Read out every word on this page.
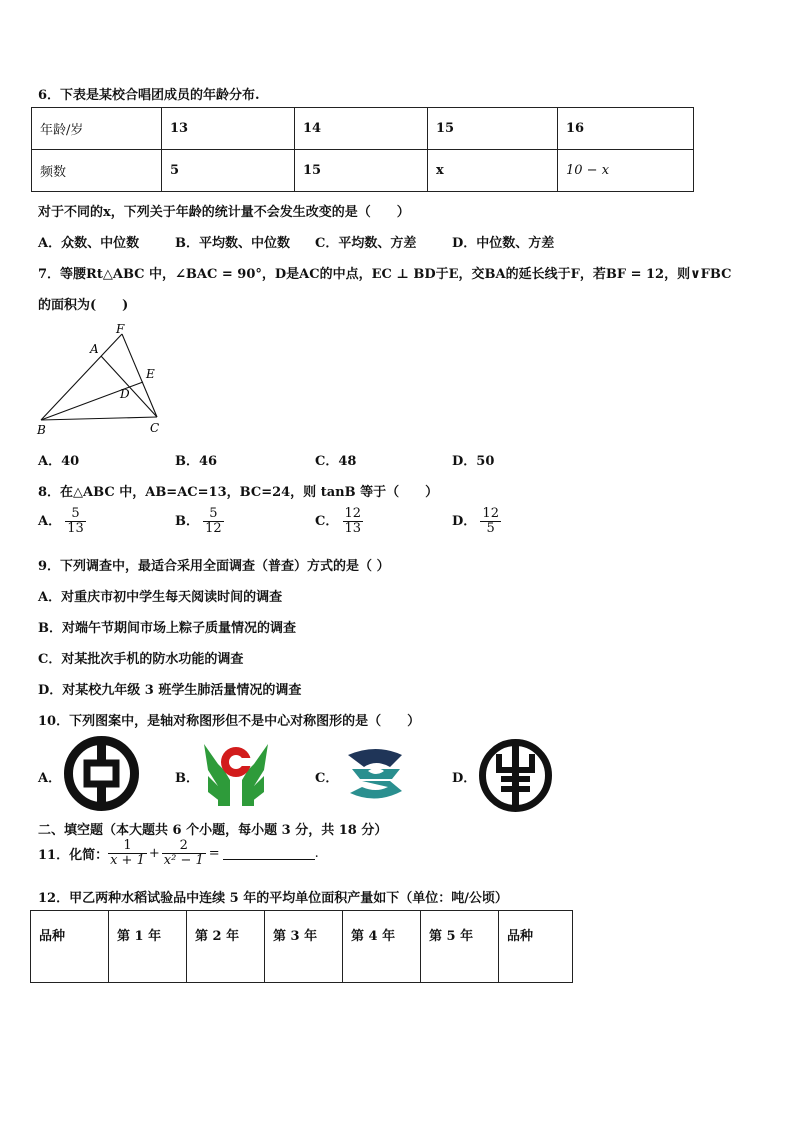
6．下表是某校合唱团成员的年龄分布.
年龄/岁	13	14	15	16
频数	5	15	x	10 − x
对于不同的x，下列关于年龄的统计量不会发生改变的是（　　）
A．众数、中位数	B．平均数、中位数 C．平均数、方差	D．中位数、方差
7．等腰Rt△ABC 中，∠BAC = 90°，D是AC的中点，EC ⊥ BD于E，交BA的延长线于F，若BF = 12，则∨FBC
的面积为(　　)
F
A
E
D
B	C
A．40	B．46	C．48	D．50
8．在△ABC 中，AB=AC=13，BC=24，则 tanB 等于（　　）
A． $\frac{5}{13}$	B． $\frac{5}{12}$	C． $\frac{12}{13}$	D． $\frac{12}{5}$
9．下列调查中，最适合采用全面调查（普查）方式的是（ ）
A．对重庆市初中学生每天阅读时间的调查
B．对端午节期间市场上粽子质量情况的调查
C．对某批次手机的防水功能的调查
D．对某校九年级 3 班学生肺活量情况的调查
10．下列图案中，是轴对称图形但不是中心对称图形的是（　　）
A．	B．	C．	D．
二、填空题（本大题共 6 个小题，每小题 3 分，共 18 分）
11．化简： $\frac{1}{x + 1} + \frac{2}{\text{x² − 1}}$ =	.
12．甲乙两种水稻试验品中连续 5 年的平均单位面积产量如下（单位：吨/公顷）
品种	第 1 年	第 2 年	第 3 年	第 4 年	第 5 年	品种
